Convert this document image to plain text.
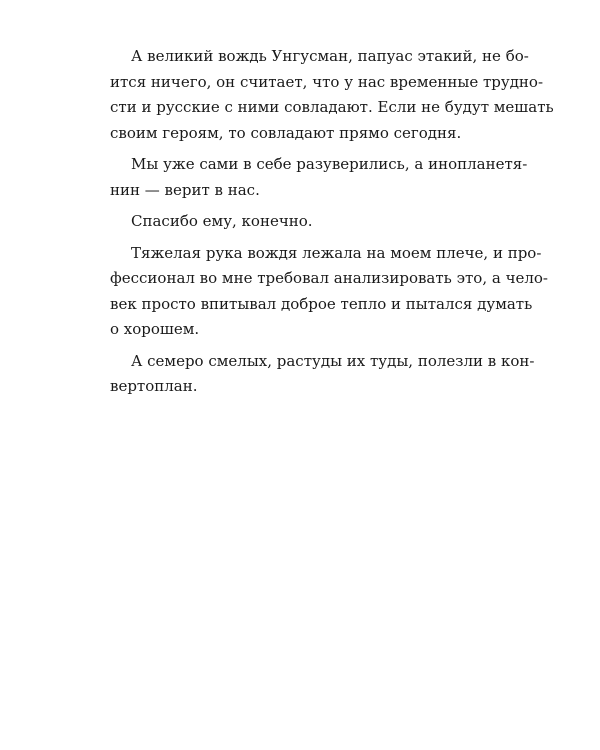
А великий вождь Унгусман, папуас этакий, не бо-
ится ничего, он считает, что у нас временные трудно-
сти и русские с ними совладают. Если не будут мешать
своим героям, то совладают прямо сегодня.
Мы уже сами в себе разуверились, а инопланетя-
нин — верит в нас.
Спасибо ему, конечно.
Тяжелая рука вождя лежала на моем плече, и про-
фессионал во мне требовал анализировать это, а чело-
век просто впитывал доброе тепло и пытался думать
о хорошем.
А семеро смелых, растуды их туды, полезли в кон-
вертоплан.
